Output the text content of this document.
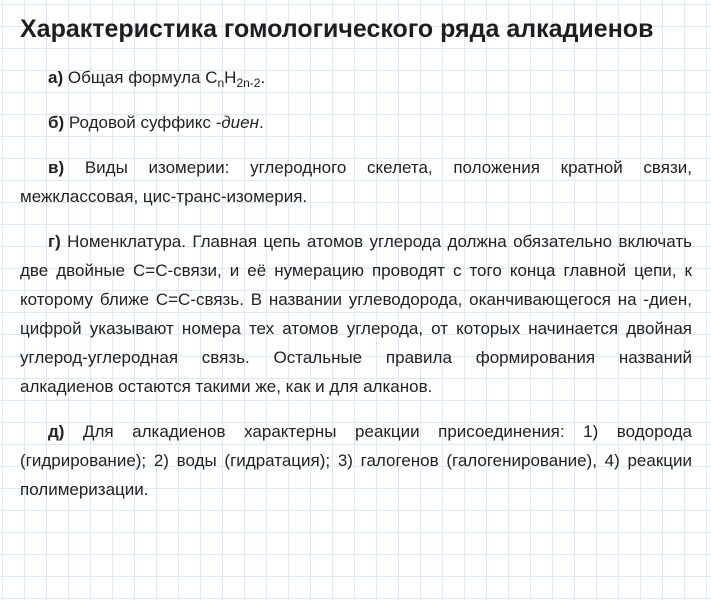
Характеристика гомологического ряда алкадиенов

а) Общая формула $C_nH_{2n-2}$.

б) Родовой суффикс -диен.

в) Виды изомерии: углеродного скелета, положения кратной связи, межклассовая, цис-транс-изомерия.

г) Номенклатура. Главная цепь атомов углерода должна обязательно включать две двойные C=C-связи, и её нумерацию проводят с того конца главной цепи, к которому ближе C=C-связь. В названии углеводорода, оканчивающегося на -диен, цифрой указывают номера тех атомов углерода, от которых начинается двойная углерод-углеродная связь. Остальные правила формирования названий алкадиенов остаются такими же, как и для алканов.

д) Для алкадиенов характерны реакции присоединения: 1) водорода (гидрирование); 2) воды (гидратация); 3) галогенов (галогенирование), 4) реакции полимеризации.
